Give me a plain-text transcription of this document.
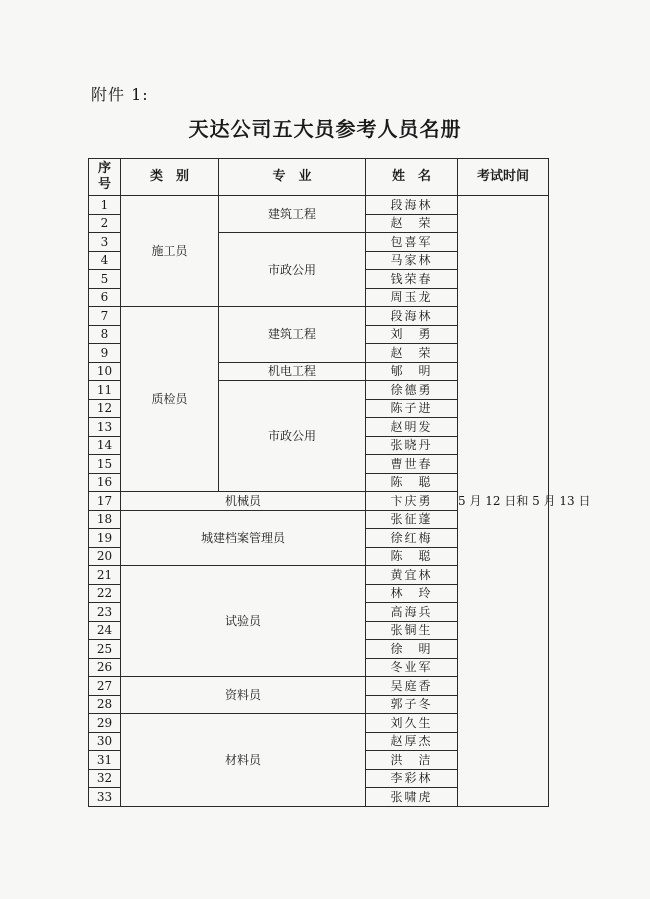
附件 1:
天达公司五大员参考人员名册
序
号	类　别	专　业	姓　名	考试时间
1	施工员	建筑工程	段海林	5 月 12 日和 5 月 13 日
2			赵　荣	
3		市政公用	包喜军	
4			马家林	
5			钱荣春	
6			周玉龙	
7	质检员	建筑工程	段海林	
8			刘　勇	
9			赵　荣	
10		机电工程	郇　明	
11		市政公用	徐德勇	
12			陈子进	
13			赵明发	
14			张晓丹	
15			曹世春	
16			陈　聪	
17	机械员		卞庆勇	
18	城建档案管理员		张征蓬	
19			徐红梅	
20			陈　聪	
21	试验员		黄宜林	
22			林　玲	
23			高海兵	
24			张铜生	
25			徐　明	
26			冬业军	
27	资料员		吴庭香	
28			郭子冬	
29	材料员		刘久生	
30			赵厚杰	
31			洪　洁	
32			李彩林	
33			张啸虎	
